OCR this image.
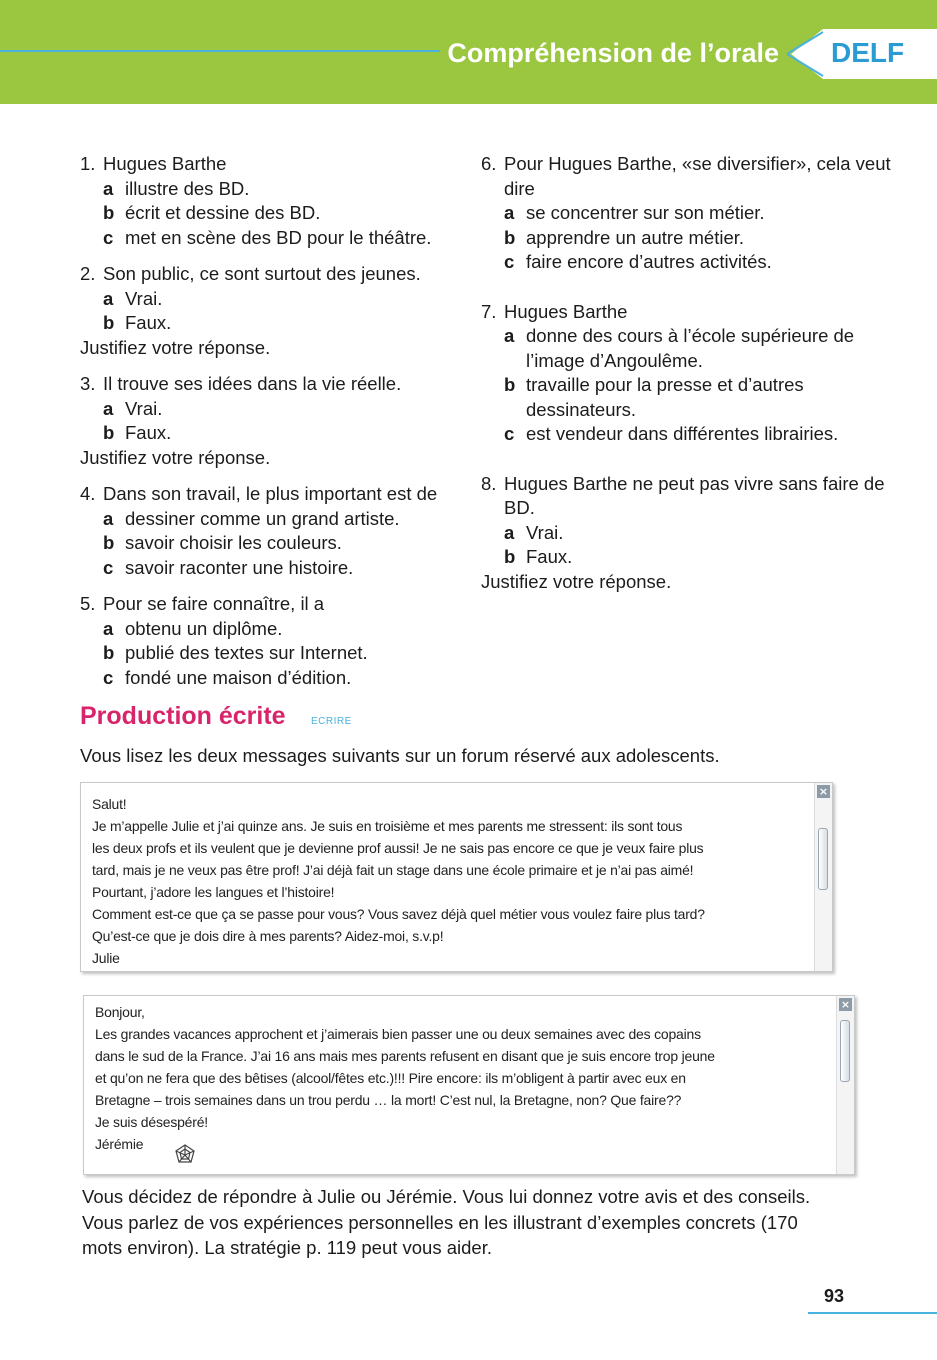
Compréhension de l’orale DELF
1. Hugues Barthe
a illustre des BD.
b écrit et dessine des BD.
c met en scène des BD pour le théâtre.
2. Son public, ce sont surtout des jeunes.
a Vrai.
b Faux.
Justifiez votre réponse.
3. Il trouve ses idées dans la vie réelle.
a Vrai.
b Faux.
Justifiez votre réponse.
4. Dans son travail, le plus important est de
a dessiner comme un grand artiste.
b savoir choisir les couleurs.
c savoir raconter une histoire.
5. Pour se faire connaître, il a
a obtenu un diplôme.
b publié des textes sur Internet.
c fondé une maison d’édition.
6. Pour Hugues Barthe, «se diversifier», cela veut dire
a se concentrer sur son métier.
b apprendre un autre métier.
c faire encore d’autres activités.
7. Hugues Barthe
a donne des cours à l’école supérieure de l’image d’Angoulême.
b travaille pour la presse et d’autres dessinateurs.
c est vendeur dans différentes librairies.
8. Hugues Barthe ne peut pas vivre sans faire de BD.
a Vrai.
b Faux.
Justifiez votre réponse.
Production écrite	ECRIRE
Vous lisez les deux messages suivants sur un forum réservé aux adolescents.

Salut!

Je m’appelle Julie et j’ai quinze ans. Je suis en troisième et mes parents me stressent: ils sont tous

les deux profs et ils veulent que je devienne prof aussi! Je ne sais pas encore ce que je veux faire plus

tard, mais je ne veux pas être prof! J’ai déjà fait un stage dans une école primaire et je n’ai pas aimé!

Pourtant, j’adore les langues et l’histoire!

Comment est-ce que ça se passe pour vous? Vous savez déjà quel métier vous voulez faire plus tard?

Qu’est-ce que je dois dire à mes parents? Aidez-moi, s.v.p!

Julie

×

Bonjour,

Les grandes vacances approchent et j’aimerais bien passer une ou deux semaines avec des copains

dans le sud de la France. J’ai 16 ans mais mes parents refusent en disant que je suis encore trop jeune

et qu’on ne fera que des bêtises (alcool/fêtes etc.)!!! Pire encore: ils m’obligent à partir avec eux en

Bretagne – trois semaines dans un trou perdu … la mort! C’est nul, la Bretagne, non? Que faire??

Je suis désespéré!

Jérémie

×

Vous décidez de répondre à Julie ou Jérémie. Vous lui donnez votre avis et des conseils.

Vous parlez de vos expériences personnelles en les illustrant d’exemples concrets (170

mots environ). La stratégie p. 119 peut vous aider.

93
